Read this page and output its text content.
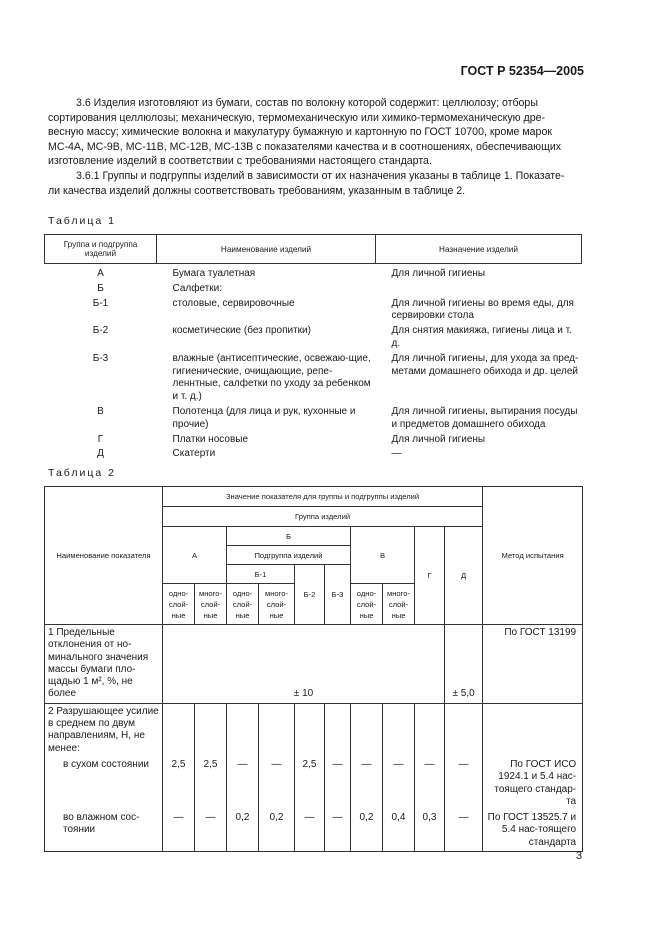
ГОСТ Р 52354—2005
3.6 Изделия изготовляют из бумаги, состав по волокну которой содержит: целлюлозу; отборы
сортирования целлюлозы; механическую, термомеханическую или химико-термомеханическую дре-
весную массу; химические волокна и макулатуру бумажную и картонную по ГОСТ 10700, кроме марок
МС-4А, МС-9В, МС-11В, МС-12В, МС-13В с показателями качества и в соотношениях, обеспечивающих
изготовление изделий в соответствии с требованиями настоящего стандарта.
3.6.1 Группы и подгруппы изделий в зависимости от их назначения указаны в таблице 1. Показате-
ли качества изделий должны соответствовать требованиям, указанным в таблице 2.
Таблица 1
Группа и подгруппа изделий	Наименование изделий	Назначение изделий
А	Бумага туалетная	Для личной гигиены
Б	Салфетки:	
Б-1	столовые, сервировочные	Для личной гигиены во время еды, для сервировки стола
Б-2	косметические (без пропитки)	Для снятия макияжа, гигиены лица и т. д.
Б-3	влажные (антисептические, освежаю-щие, гигиенические, очищающие, репе-леннтные, салфетки по уходу за ребенком и т. д.)	Для личной гигиены, для ухода за пред-метами домашнего обихода и др. целей
В	Полотенца (для лица и рук, кухонные и прочие)	Для личной гигиены, вытирания посуды и предметов домашнего обихода
Г	Платки носовые	Для личной гигиены
Д	Скатерти	—
Таблица 2
Наименование показателя	Значение показателя для группы и подгруппы изделий										Метод испытания
	Группа изделий										
	А		Б				В		Г	Д	
			Подгруппа изделий								
			Б-1		Б-2	Б-3					
	одно-слой-ные	много-слой-ные	одно-слой-ные	много-слой-ные			одно-слой-ные	много-слой-ные			
1 Предельные отклонения от но-минального значения массы бумаги пло-щадью 1 м², %, не более	± 10									± 5,0	По ГОСТ 13199
2 Разрушающее усилие в среднем по двум направлениям, Н, не менее:											
в сухом состоянии	2,5	2,5	—	—	2,5	—	—	—	—	—	По ГОСТ ИСО 1924.1 и 5.4 нас-тоящего стандар-та
во влажном сос-тоянии	—	—	0,2	0,2	—	—	0,2	0,4	0,3	—	По ГОСТ 13525.7 и 5.4 нас-тоящего стандарта
3
